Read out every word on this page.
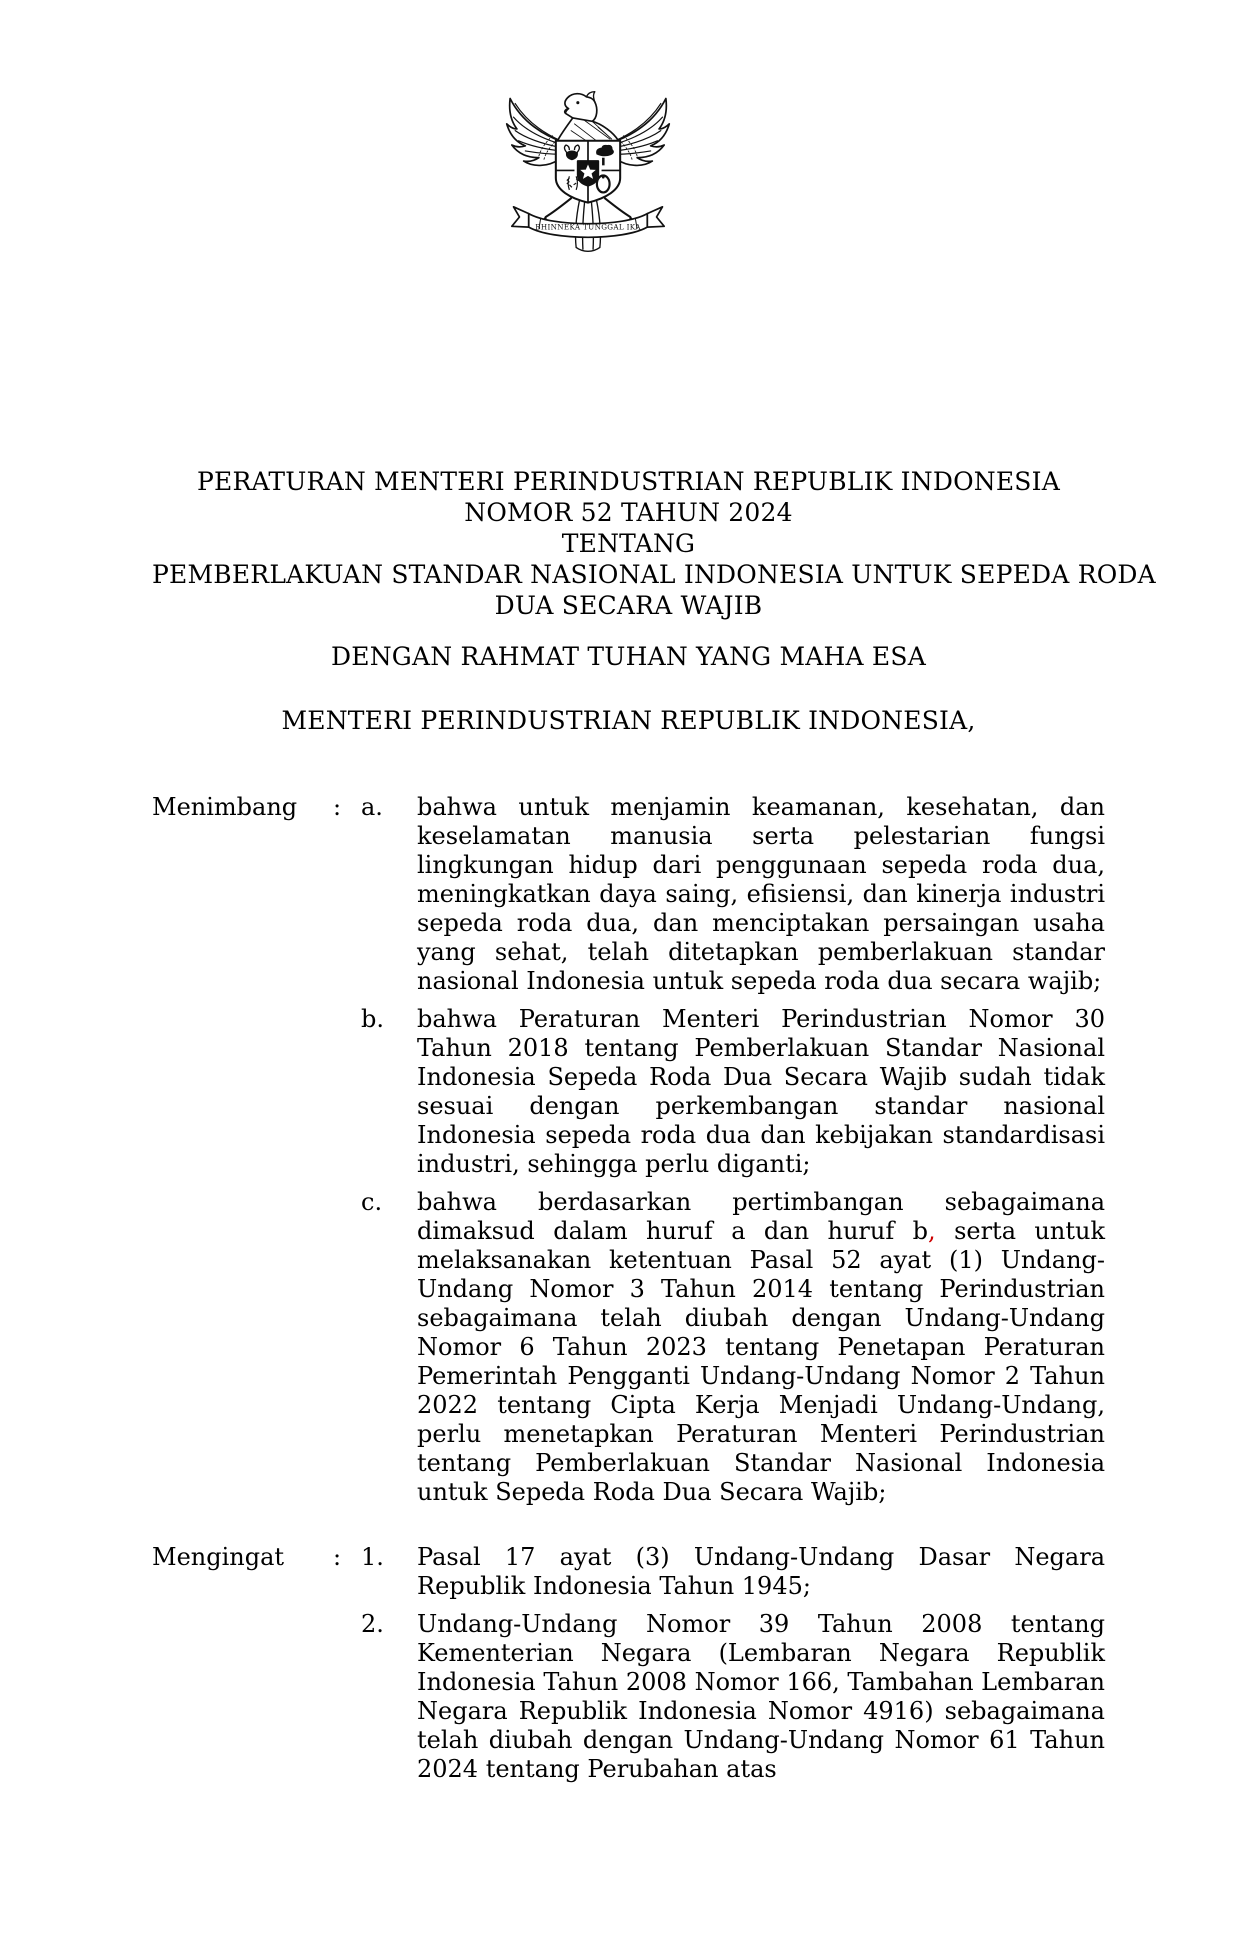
BHINNEKA TUNGGAL IKA
PERATURAN MENTERI PERINDUSTRIAN REPUBLIK INDONESIA
NOMOR 52 TAHUN 2024
TENTANG
PEMBERLAKUAN STANDAR NASIONAL INDONESIA UNTUK SEPEDA RODA
DUA SECARA WAJIB
DENGAN RAHMAT TUHAN YANG MAHA ESA
MENTERI PERINDUSTRIAN REPUBLIK INDONESIA,
Menimbang	: a.	bahwa untuk menjamin keamanan, kesehatan, dan keselamatan manusia serta pelestarian fungsi lingkungan hidup dari penggunaan sepeda roda dua, meningkatkan daya saing, efisiensi, dan kinerja industri sepeda roda dua, dan menciptakan persaingan usaha yang sehat, telah ditetapkan pemberlakuan standar nasional Indonesia untuk sepeda roda dua secara wajib;
b.	bahwa Peraturan Menteri Perindustrian Nomor 30 Tahun 2018 tentang Pemberlakuan Standar Nasional Indonesia Sepeda Roda Dua Secara Wajib sudah tidak sesuai dengan perkembangan standar nasional Indonesia sepeda roda dua dan kebijakan standardisasi industri, sehingga perlu diganti;
c.	bahwa berdasarkan pertimbangan sebagaimana dimaksud dalam huruf a dan huruf b, serta untuk melaksanakan ketentuan Pasal 52 ayat (1) Undang-Undang Nomor 3 Tahun 2014 tentang Perindustrian sebagaimana telah diubah dengan Undang-Undang Nomor 6 Tahun 2023 tentang Penetapan Peraturan Pemerintah Pengganti Undang-Undang Nomor 2 Tahun 2022 tentang Cipta Kerja Menjadi Undang-Undang, perlu menetapkan Peraturan Menteri Perindustrian tentang Pemberlakuan Standar Nasional Indonesia untuk Sepeda Roda Dua Secara Wajib;
Mengingat	: 1.	Pasal 17 ayat (3) Undang-Undang Dasar Negara Republik Indonesia Tahun 1945;
2.	Undang-Undang Nomor 39 Tahun 2008 tentang Kementerian Negara (Lembaran Negara Republik Indonesia Tahun 2008 Nomor 166, Tambahan Lembaran Negara Republik Indonesia Nomor 4916) sebagaimana telah diubah dengan Undang-Undang Nomor 61 Tahun 2024 tentang Perubahan atas
